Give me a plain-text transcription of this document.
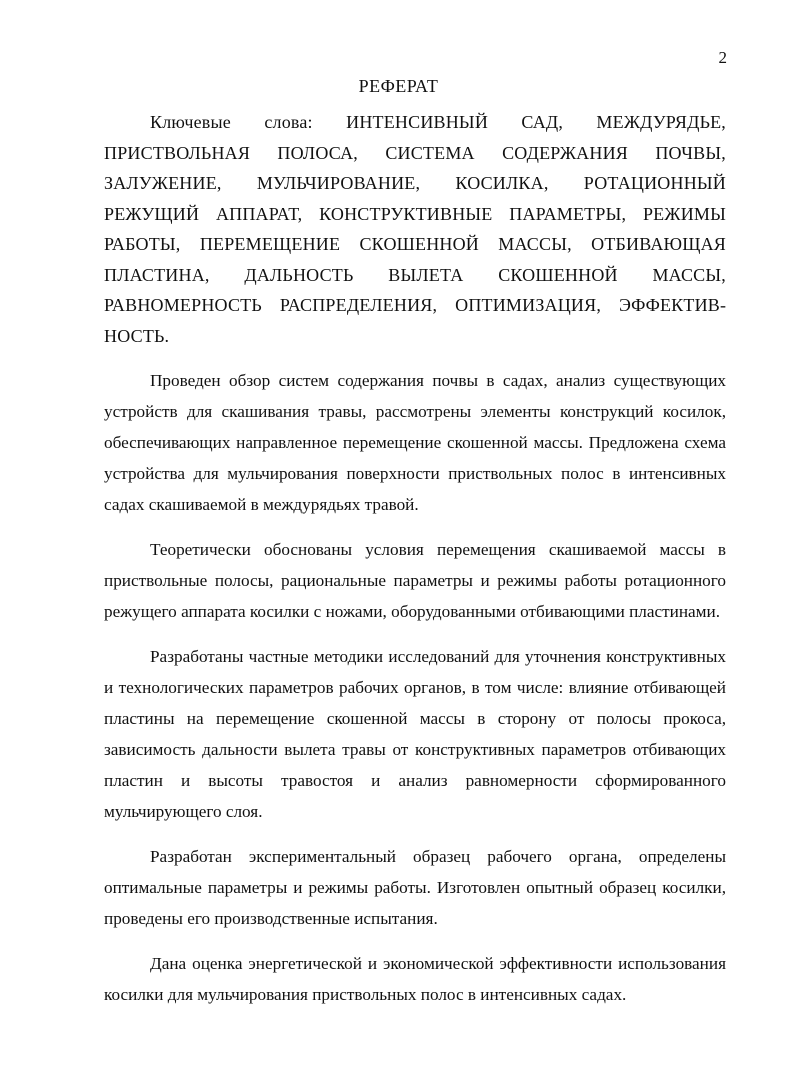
2
РЕФЕРАТ

Ключевые слова: ИНТЕНСИВНЫЙ САД, МЕЖДУРЯДЬЕ, ПРИСТВОЛЬНАЯ ПОЛОСА, СИСТЕМА СОДЕРЖАНИЯ ПОЧВЫ, ЗАЛУЖЕНИЕ, МУЛЬЧИРОВАНИЕ, КОСИЛКА, РОТАЦИОННЫЙ РЕЖУЩИЙ АППАРАТ, КОНСТРУКТИВНЫЕ ПАРАМЕТРЫ, РЕЖИМЫ РАБОТЫ, ПЕРЕМЕЩЕНИЕ СКОШЕННОЙ МАССЫ, ОТБИВАЮЩАЯ ПЛАСТИНА, ДАЛЬНОСТЬ ВЫЛЕТА СКОШЕННОЙ МАССЫ, РАВНОМЕРНОСТЬ РАСПРЕДЕЛЕНИЯ, ОПТИМИЗАЦИЯ, ЭФФЕКТИВНОСТЬ.

Проведен обзор систем содержания почвы в садах, анализ существующих устройств для скашивания травы, рассмотрены элементы конструкций косилок, обеспечивающих направленное перемещение скошенной массы. Предложена схема устройства для мульчирования поверхности приствольных полос в интенсивных садах скашиваемой в междурядьях травой.

Теоретически обоснованы условия перемещения скашиваемой массы в приствольные полосы, рациональные параметры и режимы работы ротационного режущего аппарата косилки с ножами, оборудованными отбивающими пластинами.

Разработаны частные методики исследований для уточнения конструктивных и технологических параметров рабочих органов, в том числе: влияние отбивающей пластины на перемещение скошенной массы в сторону от полосы прокоса, зависимость дальности вылета травы от конструктивных параметров отбивающих пластин и высоты травостоя и анализ равномерности сформированного мульчирующего слоя.

Разработан экспериментальный образец рабочего органа, определены оптимальные параметры и режимы работы. Изготовлен опытный образец косилки, проведены его производственные испытания.

Дана оценка энергетической и экономической эффективности использования косилки для мульчирования приствольных полос в интенсивных садах.
